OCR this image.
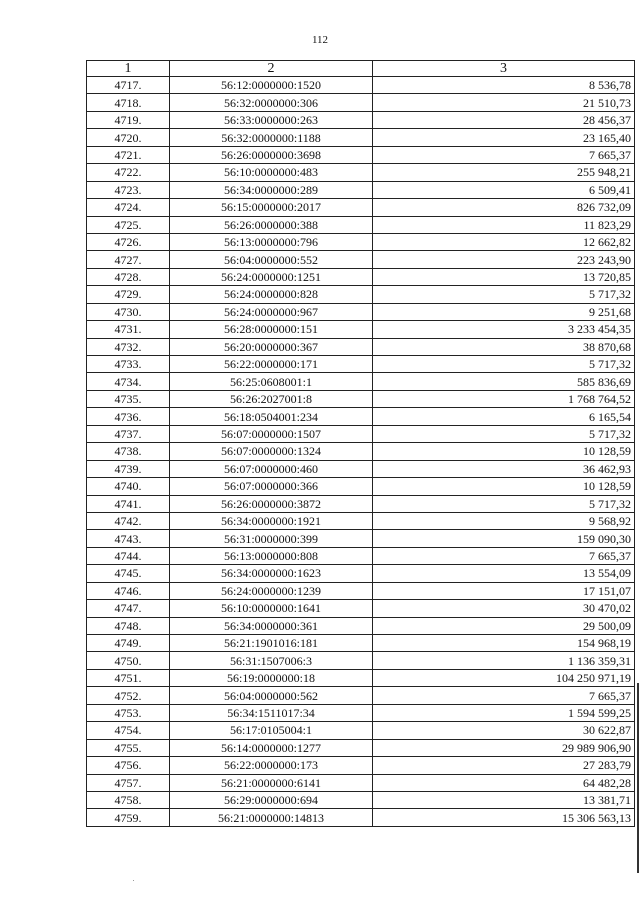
112
1	2	3
4717.	56:12:0000000:1520	8 536,78
4718.	56:32:0000000:306	21 510,73
4719.	56:33:0000000:263	28 456,37
4720.	56:32:0000000:1188	23 165,40
4721.	56:26:0000000:3698	7 665,37
4722.	56:10:0000000:483	255 948,21
4723.	56:34:0000000:289	6 509,41
4724.	56:15:0000000:2017	826 732,09
4725.	56:26:0000000:388	11 823,29
4726.	56:13:0000000:796	12 662,82
4727.	56:04:0000000:552	223 243,90
4728.	56:24:0000000:1251	13 720,85
4729.	56:24:0000000:828	5 717,32
4730.	56:24:0000000:967	9 251,68
4731.	56:28:0000000:151	3 233 454,35
4732.	56:20:0000000:367	38 870,68
4733.	56:22:0000000:171	5 717,32
4734.	56:25:0608001:1	585 836,69
4735.	56:26:2027001:8	1 768 764,52
4736.	56:18:0504001:234	6 165,54
4737.	56:07:0000000:1507	5 717,32
4738.	56:07:0000000:1324	10 128,59
4739.	56:07:0000000:460	36 462,93
4740.	56:07:0000000:366	10 128,59
4741.	56:26:0000000:3872	5 717,32
4742.	56:34:0000000:1921	9 568,92
4743.	56:31:0000000:399	159 090,30
4744.	56:13:0000000:808	7 665,37
4745.	56:34:0000000:1623	13 554,09
4746.	56:24:0000000:1239	17 151,07
4747.	56:10:0000000:1641	30 470,02
4748.	56:34:0000000:361	29 500,09
4749.	56:21:1901016:181	154 968,19
4750.	56:31:1507006:3	1 136 359,31
4751.	56:19:0000000:18	104 250 971,19
4752.	56:04:0000000:562	7 665,37
4753.	56:34:1511017:34	1 594 599,25
4754.	56:17:0105004:1	30 622,87
4755.	56:14:0000000:1277	29 989 906,90
4756.	56:22:0000000:173	27 283,79
4757.	56:21:0000000:6141	64 482,28
4758.	56:29:0000000:694	13 381,71
4759.	56:21:0000000:14813	15 306 563,13
